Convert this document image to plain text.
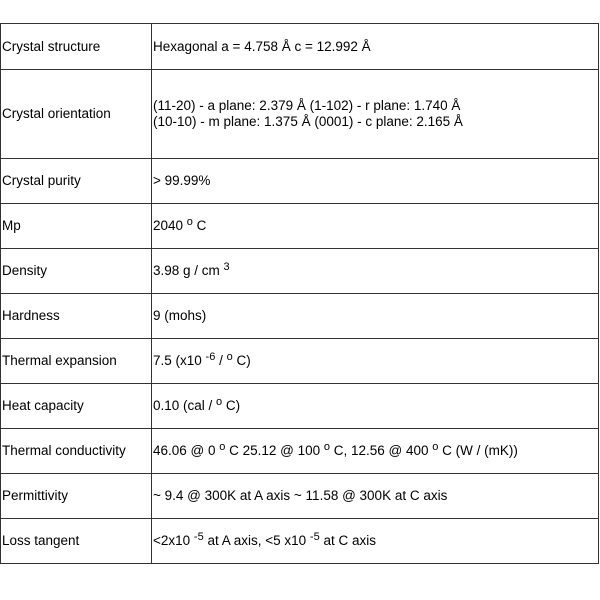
Crystal structure	Hexagonal a = 4.758 Å c = 12.992 Å
Crystal orientation	(11-20) - a plane: 2.379 Å (1-102) - r plane: 1.740 Å
(10-10) - m plane: 1.375 Å (0001) - c plane: 2.165 Å

Crystal purity	> 99.99%
Mp	2040 $^o$ C
Density	3.98 g / cm $^3$
Hardness	9 (mohs)
Thermal expansion	7.5 (x10 $^{-6}$ / $^o$ C)
Heat capacity	0.10 (cal / $^o$ C)
Thermal conductivity	46.06 @ 0 $^o$ C 25.12 @ 100 $^o$ C, 12.56 @ 400 $^o$ C (W / (mK))
Permittivity	~ 9.4 @ 300K at A axis ~ 11.58 @ 300K at C axis
Loss tangent	<2x10 $^{-5}$ at A axis, <5 x10 $^{-5}$ at C axis
